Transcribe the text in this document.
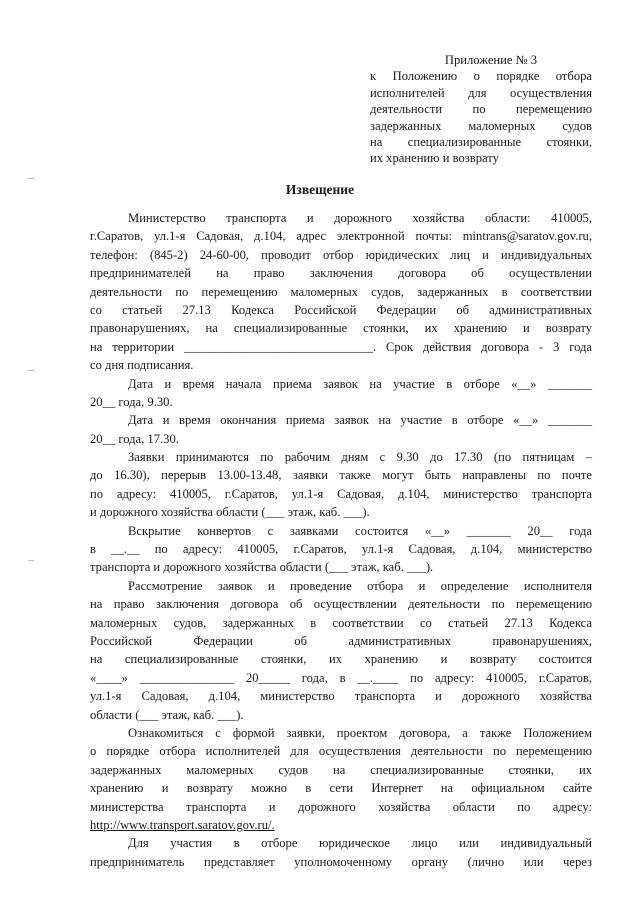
Приложение № 3
к Положению о порядке отбора
исполнителей для осуществления
деятельности по перемещению
задержанных маломерных судов
на специализированные стоянки,
их хранению и возврату
Извещение
Министерство транспорта и дорожного хозяйства области: 410005,
г.Саратов, ул.1-я Садовая, д.104, адрес электронной почты: mintrans@saratov.gov.ru,
телефон: (845-2) 24-60-00, проводит отбор юридических лиц и индивидуальных
предпринимателей на право заключения договора об осуществлении
деятельности по перемещению маломерных судов, задержанных в соответствии
со статьей 27.13 Кодекса Российской Федерации об административных
правонарушениях, на специализированные стоянки, их хранению и возврату
на территории ______________________________. Срок действия договора - 3 года
со дня подписания.
Дата и время начала приема заявок на участие в отборе «__» _______
20__ года, 9.30.
Дата и время окончания приема заявок на участие в отборе «__» _______
20__ года, 17.30.
Заявки принимаются по рабочим дням с 9.30 до 17.30 (по пятницам –
до 16.30), перерыв 13.00-13.48, заявки также могут быть направлены по почте
по адресу: 410005, г.Саратов, ул.1-я Садовая, д.104, министерство транспорта
и дорожного хозяйства области (___ этаж, каб. ___).
Вскрытие конвертов с заявками состоится «__» _______ 20__ года
в __.__ по адресу: 410005, г.Саратов, ул.1-я Садовая, д.104, министерство
транспорта и дорожного хозяйства области (___ этаж, каб. ___).
Рассмотрение заявок и проведение отбора и определение исполнителя
на право заключения договора об осуществлении деятельности по перемещению
маломерных судов, задержанных в соответствии со статьей 27.13 Кодекса
Российской Федерации об административных правонарушениях,
на специализированные стоянки, их хранению и возврату состоится
«____» _______________ 20_____ года, в __.____ по адресу: 410005, г.Саратов,
ул.1-я Садовая, д.104, министерство транспорта и дорожного хозяйства
области (___ этаж, каб. ___).
Ознакомиться с формой заявки, проектом договора, а также Положением
о порядке отбора исполнителей для осуществления деятельности по перемещению
задержанных маломерных судов на специализированные стоянки, их
хранению и возврату можно в сети Интернет на официальном сайте
министерства транспорта и дорожного хозяйства области по адресу:
http://www.transport.saratov.gov.ru/.
Для участия в отборе юридическое лицо или индивидуальный
предприниматель представляет уполномоченному органу (лично или через
